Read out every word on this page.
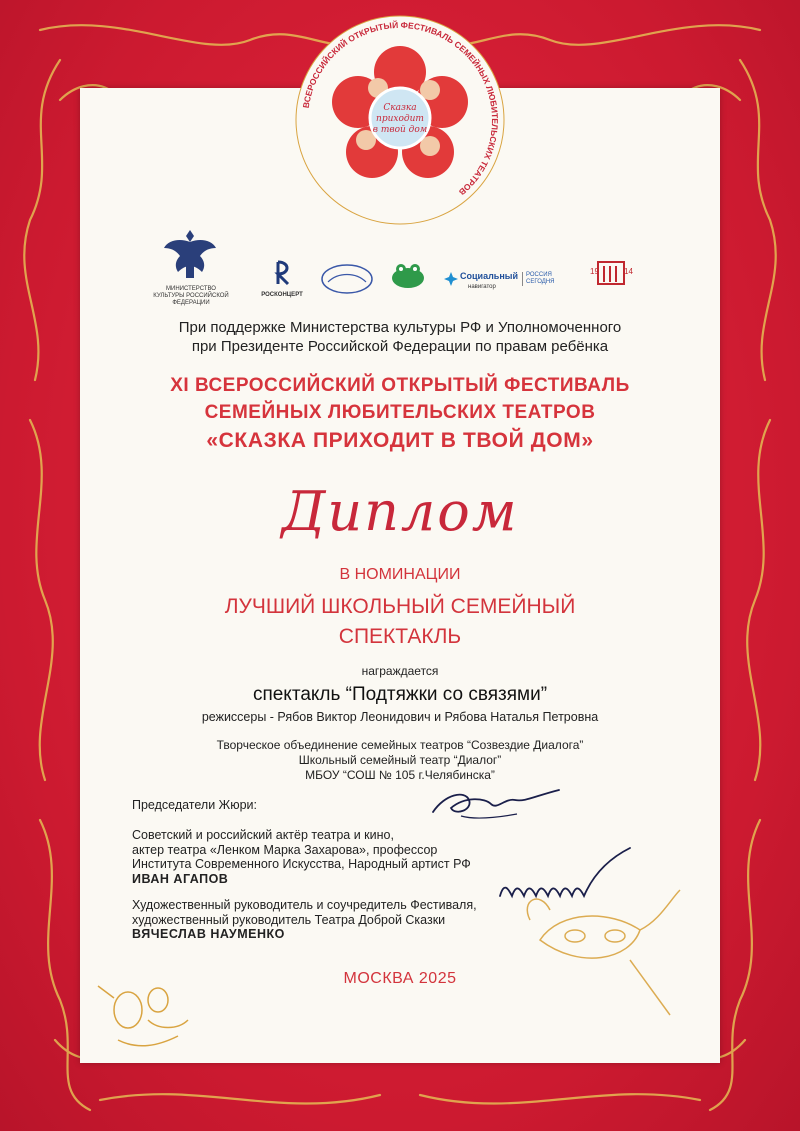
ВСЕРОССИЙСКИЙ ОТКРЫТЫЙ ФЕСТИВАЛЬ СЕМЕЙНЫХ ЛЮБИТЕЛЬСКИХ ТЕАТРОВ
Сказка
приходит
в твой дом
МИНИСТЕРСТВО КУЛЬТУРЫ РОССИЙСКОЙ ФЕДЕРАЦИИ
РОСКОНЦЕРТ
Социальный
навигатор
РОССИЯ СЕГОДНЯ
19	14
При поддержке Министерства культуры РФ и Уполномоченного
при Президенте Российской Федерации по правам ребёнка
XI ВСЕРОССИЙСКИЙ ОТКРЫТЫЙ ФЕСТИВАЛЬ
СЕМЕЙНЫХ ЛЮБИТЕЛЬСКИХ ТЕАТРОВ
«СКАЗКА ПРИХОДИТ В ТВОЙ ДОМ»
Диплом
В НОМИНАЦИИ
ЛУЧШИЙ ШКОЛЬНЫЙ СЕМЕЙНЫЙ
СПЕКТАКЛЬ
награждается
спектакль “Подтяжки со связями”
режиссеры - Рябов Виктор Леонидович и Рябова Наталья Петровна
Творческое объединение семейных театров “Созвездие Диалога”
Школьный семейный театр “Диалог”
МБОУ “СОШ № 105 г.Челябинска”
Председатели Жюри:
Советский и российский актёр театра и кино,
актер театра «Ленком Марка Захарова», профессор
Института Современного Искусства, Народный артист РФ
ИВАН АГАПОВ
Художественный руководитель и соучредитель Фестиваля,
художественный руководитель Театра Доброй Сказки
ВЯЧЕСЛАВ НАУМЕНКО
МОСКВА 2025
